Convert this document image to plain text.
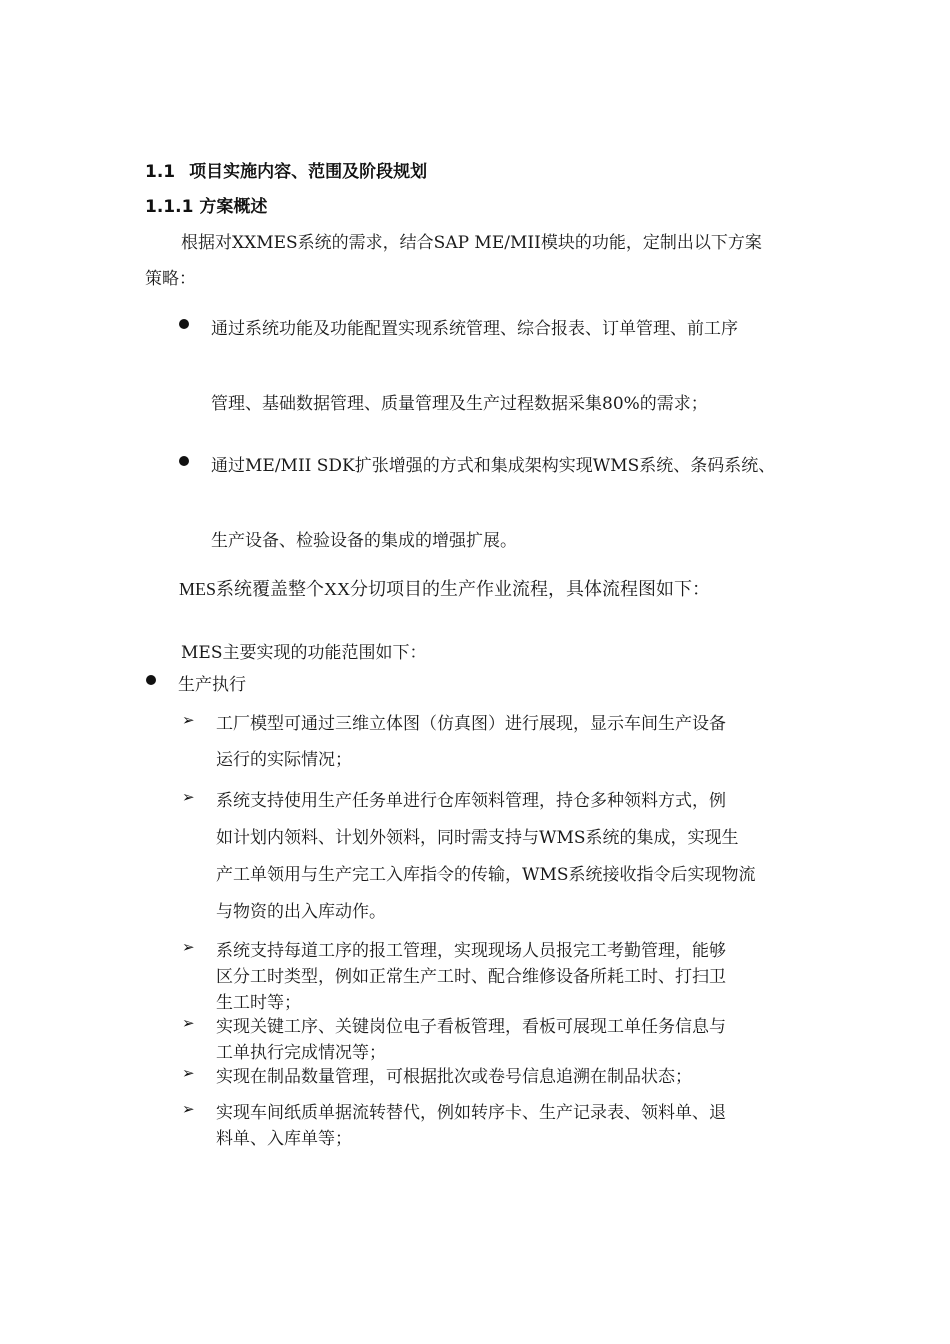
1.1 项目实施内容、范围及阶段规划
1.1.1 方案概述
根据对XXMES系统的需求，结合SAP ME/MII模块的功能，定制出以下方案
策略：
通过系统功能及功能配置实现系统管理、综合报表、订单管理、前工序
管理、基础数据管理、质量管理及生产过程数据采集80%的需求；
通过ME/MII SDK扩张增强的方式和集成架构实现WMS系统、条码系统、
生产设备、检验设备的集成的增强扩展。
MES系统覆盖整个XX分切项目的生产作业流程，具体流程图如下：
MES主要实现的功能范围如下：
生产执行
➢ 工厂模型可通过三维立体图（仿真图）进行展现，显示车间生产设备
运行的实际情况；
➢ 系统支持使用生产任务单进行仓库领料管理，持仓多种领料方式，例
如计划内领料、计划外领料，同时需支持与WMS系统的集成，实现生
产工单领用与生产完工入库指令的传输，WMS系统接收指令后实现物流
与物资的出入库动作。
➢ 系统支持每道工序的报工管理，实现现场人员报完工考勤管理，能够
区分工时类型，例如正常生产工时、配合维修设备所耗工时、打扫卫
生工时等；
➢ 实现关键工序、关键岗位电子看板管理，看板可展现工单任务信息与
工单执行完成情况等；
➢ 实现在制品数量管理，可根据批次或卷号信息追溯在制品状态；
➢ 实现车间纸质单据流转替代，例如转序卡、生产记录表、领料单、退
料单、入库单等；
